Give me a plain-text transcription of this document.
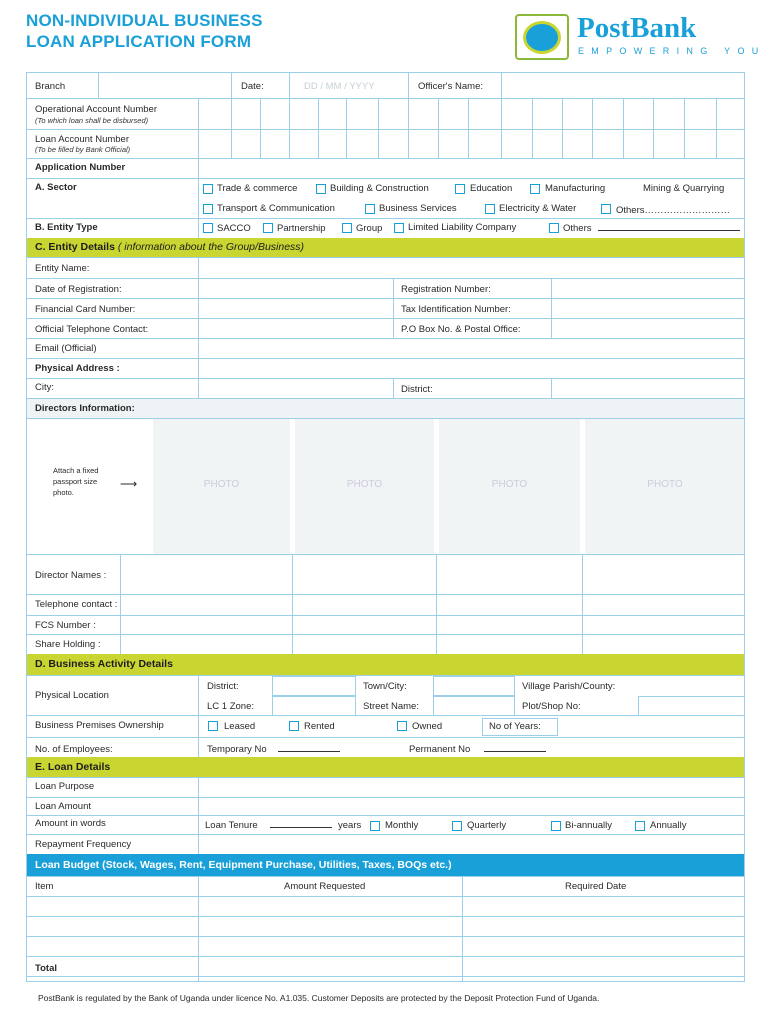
NON-INDIVIDUAL BUSINESS
LOAN APPLICATION FORM	PostBank
EMPOWERING YOU
Branch	Date:	DD / MM / YYYY	Officer's Name:
Operational Account Number
(To which loan shall be disbursed)
Loan Account Number
(To be filled by Bank Official)
Application Number
A. Sector	Trade & commerce	Building & Construction	Education	Manufacturing	Mining & Quarrying
Transport & Communication	Business Services	Electricity & Water	Others………………………
B. Entity Type	SACCO	Partnership	Group	Limited Liability Company	Others
C. Entity Details ( information about the Group/Business)
Entity Name:
Date of Registration:	Registration Number:
Financial Card Number:	Tax Identification Number:
Official Telephone Contact:	P.O Box No. & Postal Office:
Email (Official)
Physical Address :
City:	District:
Directors Information:
Attach a fixed passport size photo.
⟶	PHOTO	PHOTO	PHOTO	PHOTO
Director Names :
Telephone contact :
FCS Number :
Share Holding :
D. Business Activity Details
Physical Location
District:	Town/City:	Village Parish/County:
LC 1 Zone:	Street Name:	Plot/Shop No:
Business Premises Ownership	Leased	Rented	Owned	No of Years:
No. of Employees:	Temporary No	Permanent No
E. Loan Details
Loan Purpose
Loan Amount
Amount in words	Loan Tenure	years	Monthly	Quarterly	Bi-annually	Annually
Repayment Frequency
Loan Budget (Stock, Wages, Rent, Equipment Purchase, Utilities, Taxes, BOQs etc.)
Item	Amount Requested	Required Date
Total
PostBank is regulated by the Bank of Uganda under licence No. A1.035. Customer Deposits are protected by the Deposit Protection Fund of Uganda.
